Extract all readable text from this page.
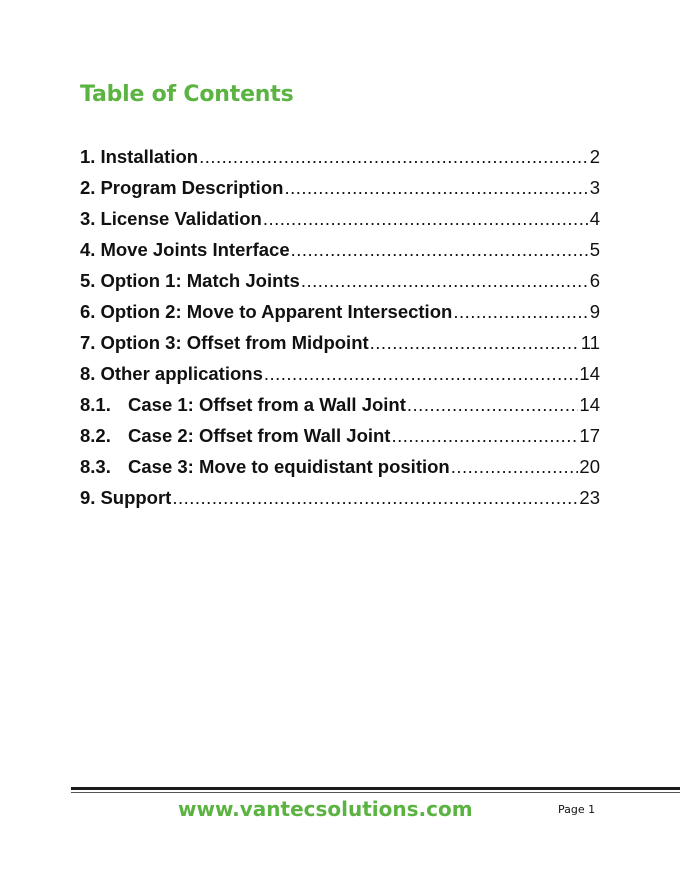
Table of Contents
1. Installation .....	2
2. Program Description .....	3
3. License Validation .....	4
4. Move Joints Interface .....	5
5. Option 1: Match Joints .....	6
6. Option 2: Move to Apparent Intersection .....	9
7. Option 3: Offset from Midpoint .....	11
8. Other applications .....	14
8.1. Case 1: Offset from a Wall Joint .....	14
8.2. Case 2: Offset from Wall Joint .....	17
8.3. Case 3: Move to equidistant position .....	20
9. Support .....	23

www.vantecsolutions.com	Page 1
